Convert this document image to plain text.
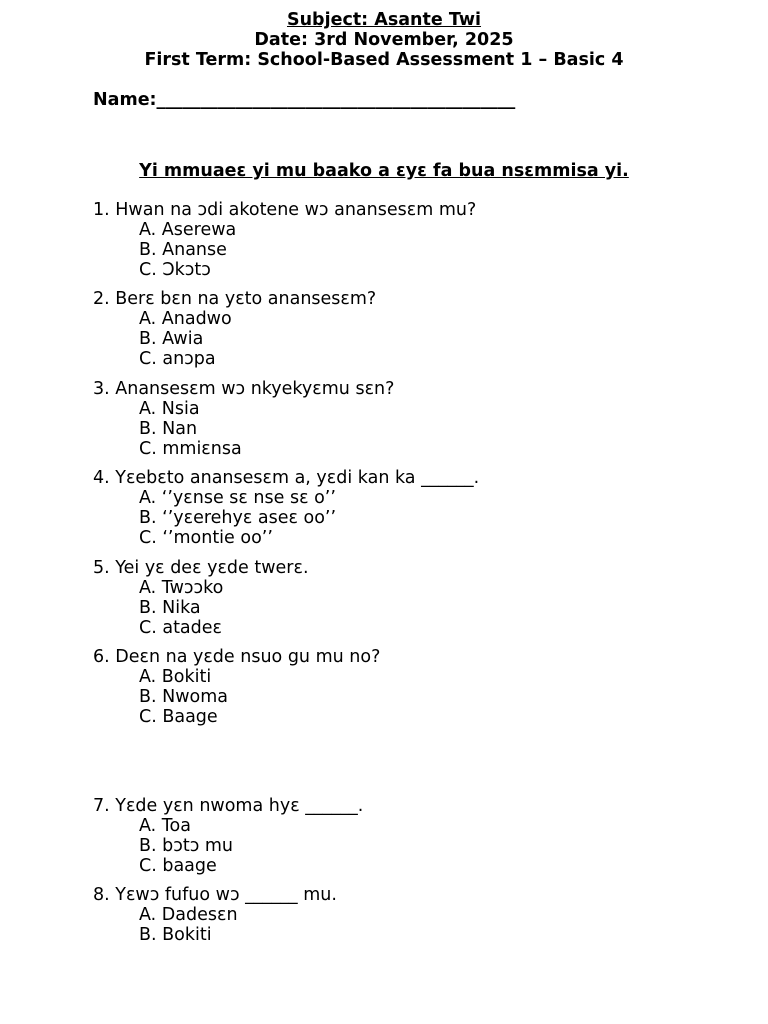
Subject: Asante Twi
Date: 3rd November, 2025
First Term: School-Based Assessment 1 – Basic 4
Name:_________________________________________
Yi mmuaeɛ yi mu baako a ɛyɛ fa bua nsɛmmisa yi.
1. Hwan na ɔdi akotene wɔ anansesɛm mu?
A. Aserewa
B. Ananse
C. Ɔkɔtɔ
2. Berɛ bɛn na yɛto anansesɛm?
A. Anadwo
B. Awia
C. anɔpa
3. Anansesɛm wɔ nkyekyɛmu sɛn?
A. Nsia
B. Nan
C. mmiɛnsa
4. Yɛebɛto anansesɛm a, yɛdi kan ka ______.
A. ‘’yɛnse sɛ nse sɛ o’’
B. ‘’yɛerehyɛ aseɛ oo’’
C. ‘’montie oo’’
5. Yei yɛ deɛ yɛde twerɛ.
A. Twɔɔko
B. Nika
C. atadeɛ
6. Deɛn na yɛde nsuo gu mu no?
A. Bokiti
B. Nwoma
C. Baage
7. Yɛde yɛn nwoma hyɛ ______.
A. Toa
B. bɔtɔ mu
C. baage
8. Yɛwɔ fufuo wɔ ______ mu.
A. Dadesɛn
B. Bokiti
